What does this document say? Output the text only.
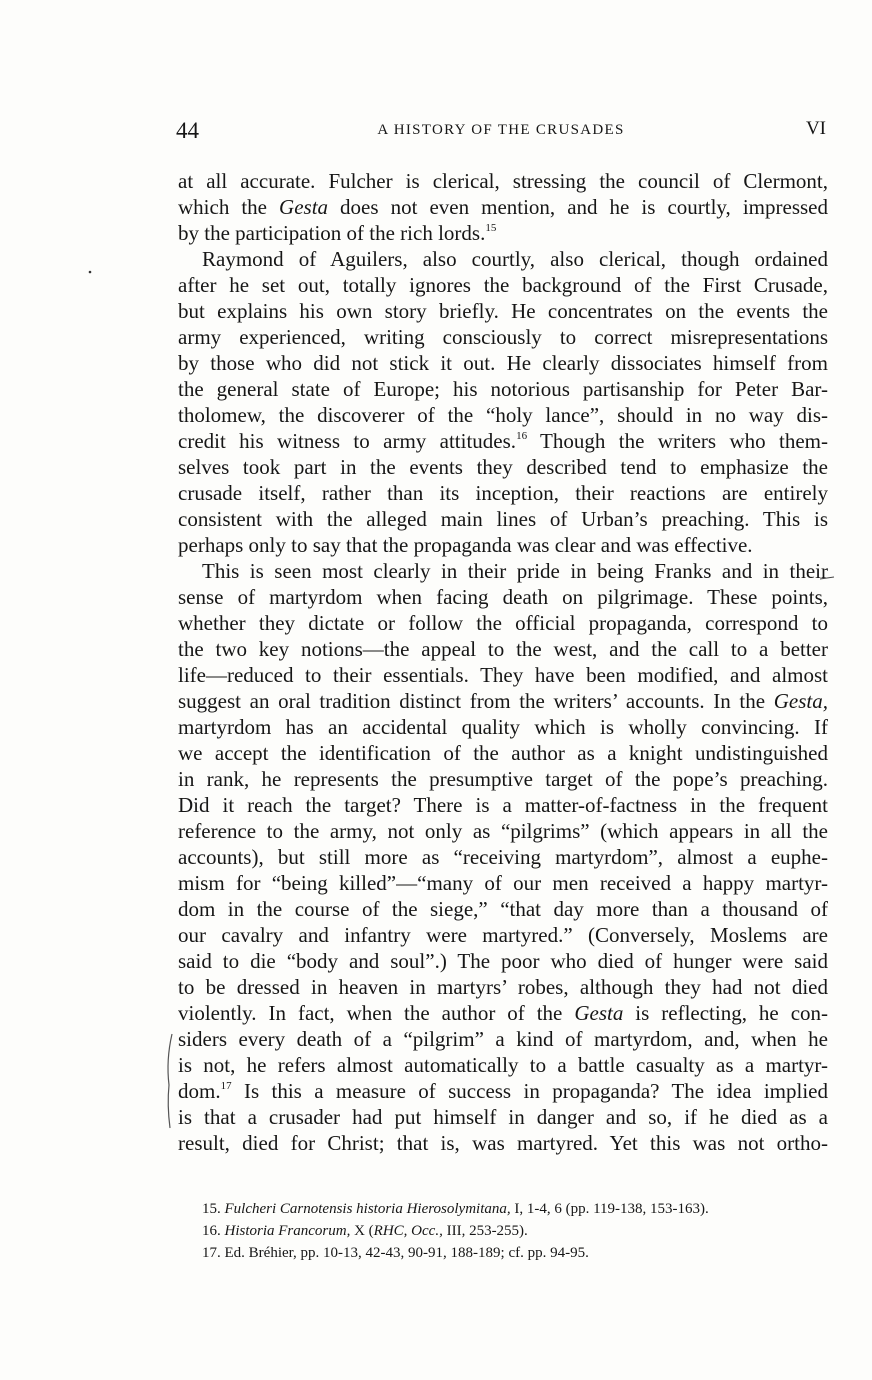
44	A HISTORY OF THE CRUSADES	VI
at all accurate. Fulcher is clerical, stressing the council of Clermont,
which the Gesta does not even mention, and he is courtly, impressed
by the participation of the rich lords.$^{15}$
Raymond of Aguilers, also courtly, also clerical, though ordained
after he set out, totally ignores the background of the First Crusade,
but explains his own story briefly. He concentrates on the events the
army experienced, writing consciously to correct misrepresentations
by those who did not stick it out. He clearly dissociates himself from
the general state of Europe; his notorious partisanship for Peter Bar-
tholomew, the discoverer of the “holy lance”, should in no way dis-
credit his witness to army attitudes.$^{16}$ Though the writers who them-
selves took part in the events they described tend to emphasize the
crusade itself, rather than its inception, their reactions are entirely
consistent with the alleged main lines of Urban’s preaching. This is
perhaps only to say that the propaganda was clear and was effective.
This is seen most clearly in their pride in being Franks and in their
sense of martyrdom when facing death on pilgrimage. These points,
whether they dictate or follow the official propaganda, correspond to
the two key notions—the appeal to the west, and the call to a better
life—reduced to their essentials. They have been modified, and almost
suggest an oral tradition distinct from the writers’ accounts. In the Gesta,
martyrdom has an accidental quality which is wholly convincing. If
we accept the identification of the author as a knight undistinguished
in rank, he represents the presumptive target of the pope’s preaching.
Did it reach the target? There is a matter-of-factness in the frequent
reference to the army, not only as “pilgrims” (which appears in all the
accounts), but still more as “receiving martyrdom”, almost a euphe-
mism for “being killed”—“many of our men received a happy martyr-
dom in the course of the siege,” “that day more than a thousand of
our cavalry and infantry were martyred.” (Conversely, Moslems are
said to die “body and soul”.) The poor who died of hunger were said
to be dressed in heaven in martyrs’ robes, although they had not died
violently. In fact, when the author of the Gesta is reflecting, he con-
siders every death of a “pilgrim” a kind of martyrdom, and, when he
is not, he refers almost automatically to a battle casualty as a martyr-
dom.$^{17}$ Is this a measure of success in propaganda? The idea implied
is that a crusader had put himself in danger and so, if he died as a
result, died for Christ; that is, was martyred. Yet this was not ortho-
15. Fulcheri Carnotensis historia Hierosolymitana, I, 1-4, 6 (pp. 119-138, 153-163).
16. Historia Francorum, X (RHC, Occ., III, 253-255).
17. Ed. Bréhier, pp. 10-13, 42-43, 90-91, 188-189; cf. pp. 94-95.
